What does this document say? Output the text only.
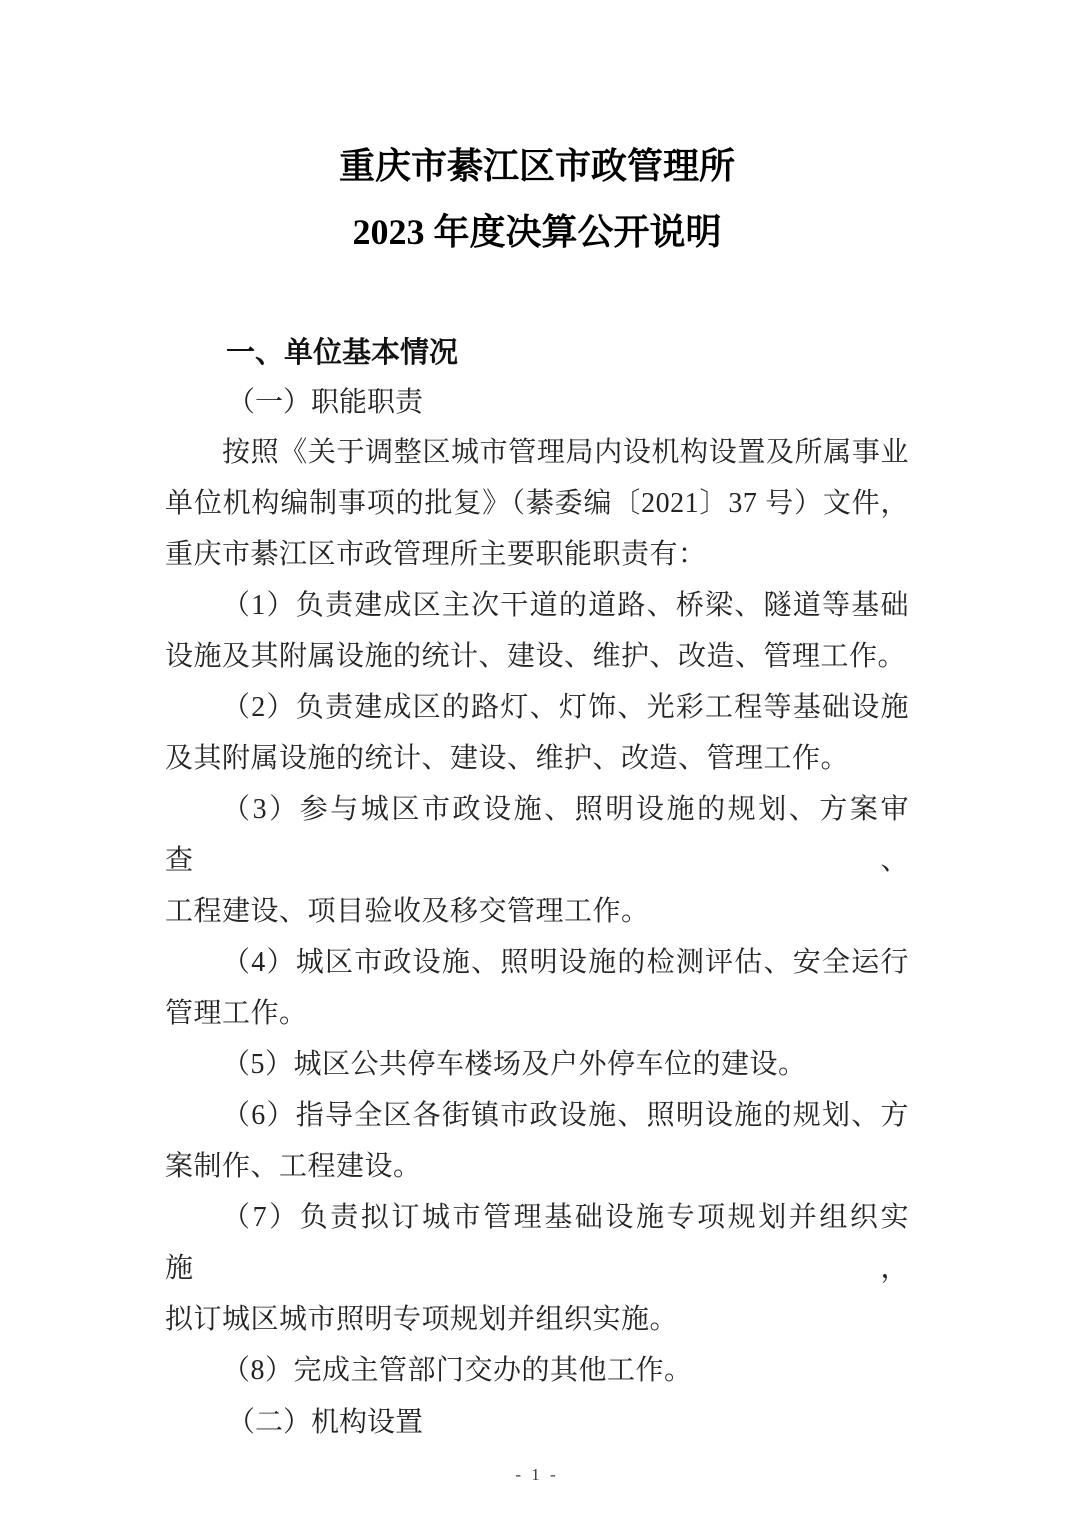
重庆市綦江区市政管理所
2023 年度决算公开说明
一、单位基本情况
（一）职能职责
按照《关于调整区城市管理局内设机构设置及所属事业
单位机构编制事项的批复》（綦委编〔2021〕37 号）文件，
重庆市綦江区市政管理所主要职能职责有：
（1）负责建成区主次干道的道路、桥梁、隧道等基础
设施及其附属设施的统计、建设、维护、改造、管理工作。
（2）负责建成区的路灯、灯饰、光彩工程等基础设施
及其附属设施的统计、建设、维护、改造、管理工作。
（3）参与城区市政设施、照明设施的规划、方案审查、
工程建设、项目验收及移交管理工作。
（4）城区市政设施、照明设施的检测评估、安全运行
管理工作。
（5）城区公共停车楼场及户外停车位的建设。
（6）指导全区各街镇市政设施、照明设施的规划、方
案制作、工程建设。
（7）负责拟订城市管理基础设施专项规划并组织实施，
拟订城区城市照明专项规划并组织实施。
（8）完成主管部门交办的其他工作。
（二）机构设置
- 1 -
